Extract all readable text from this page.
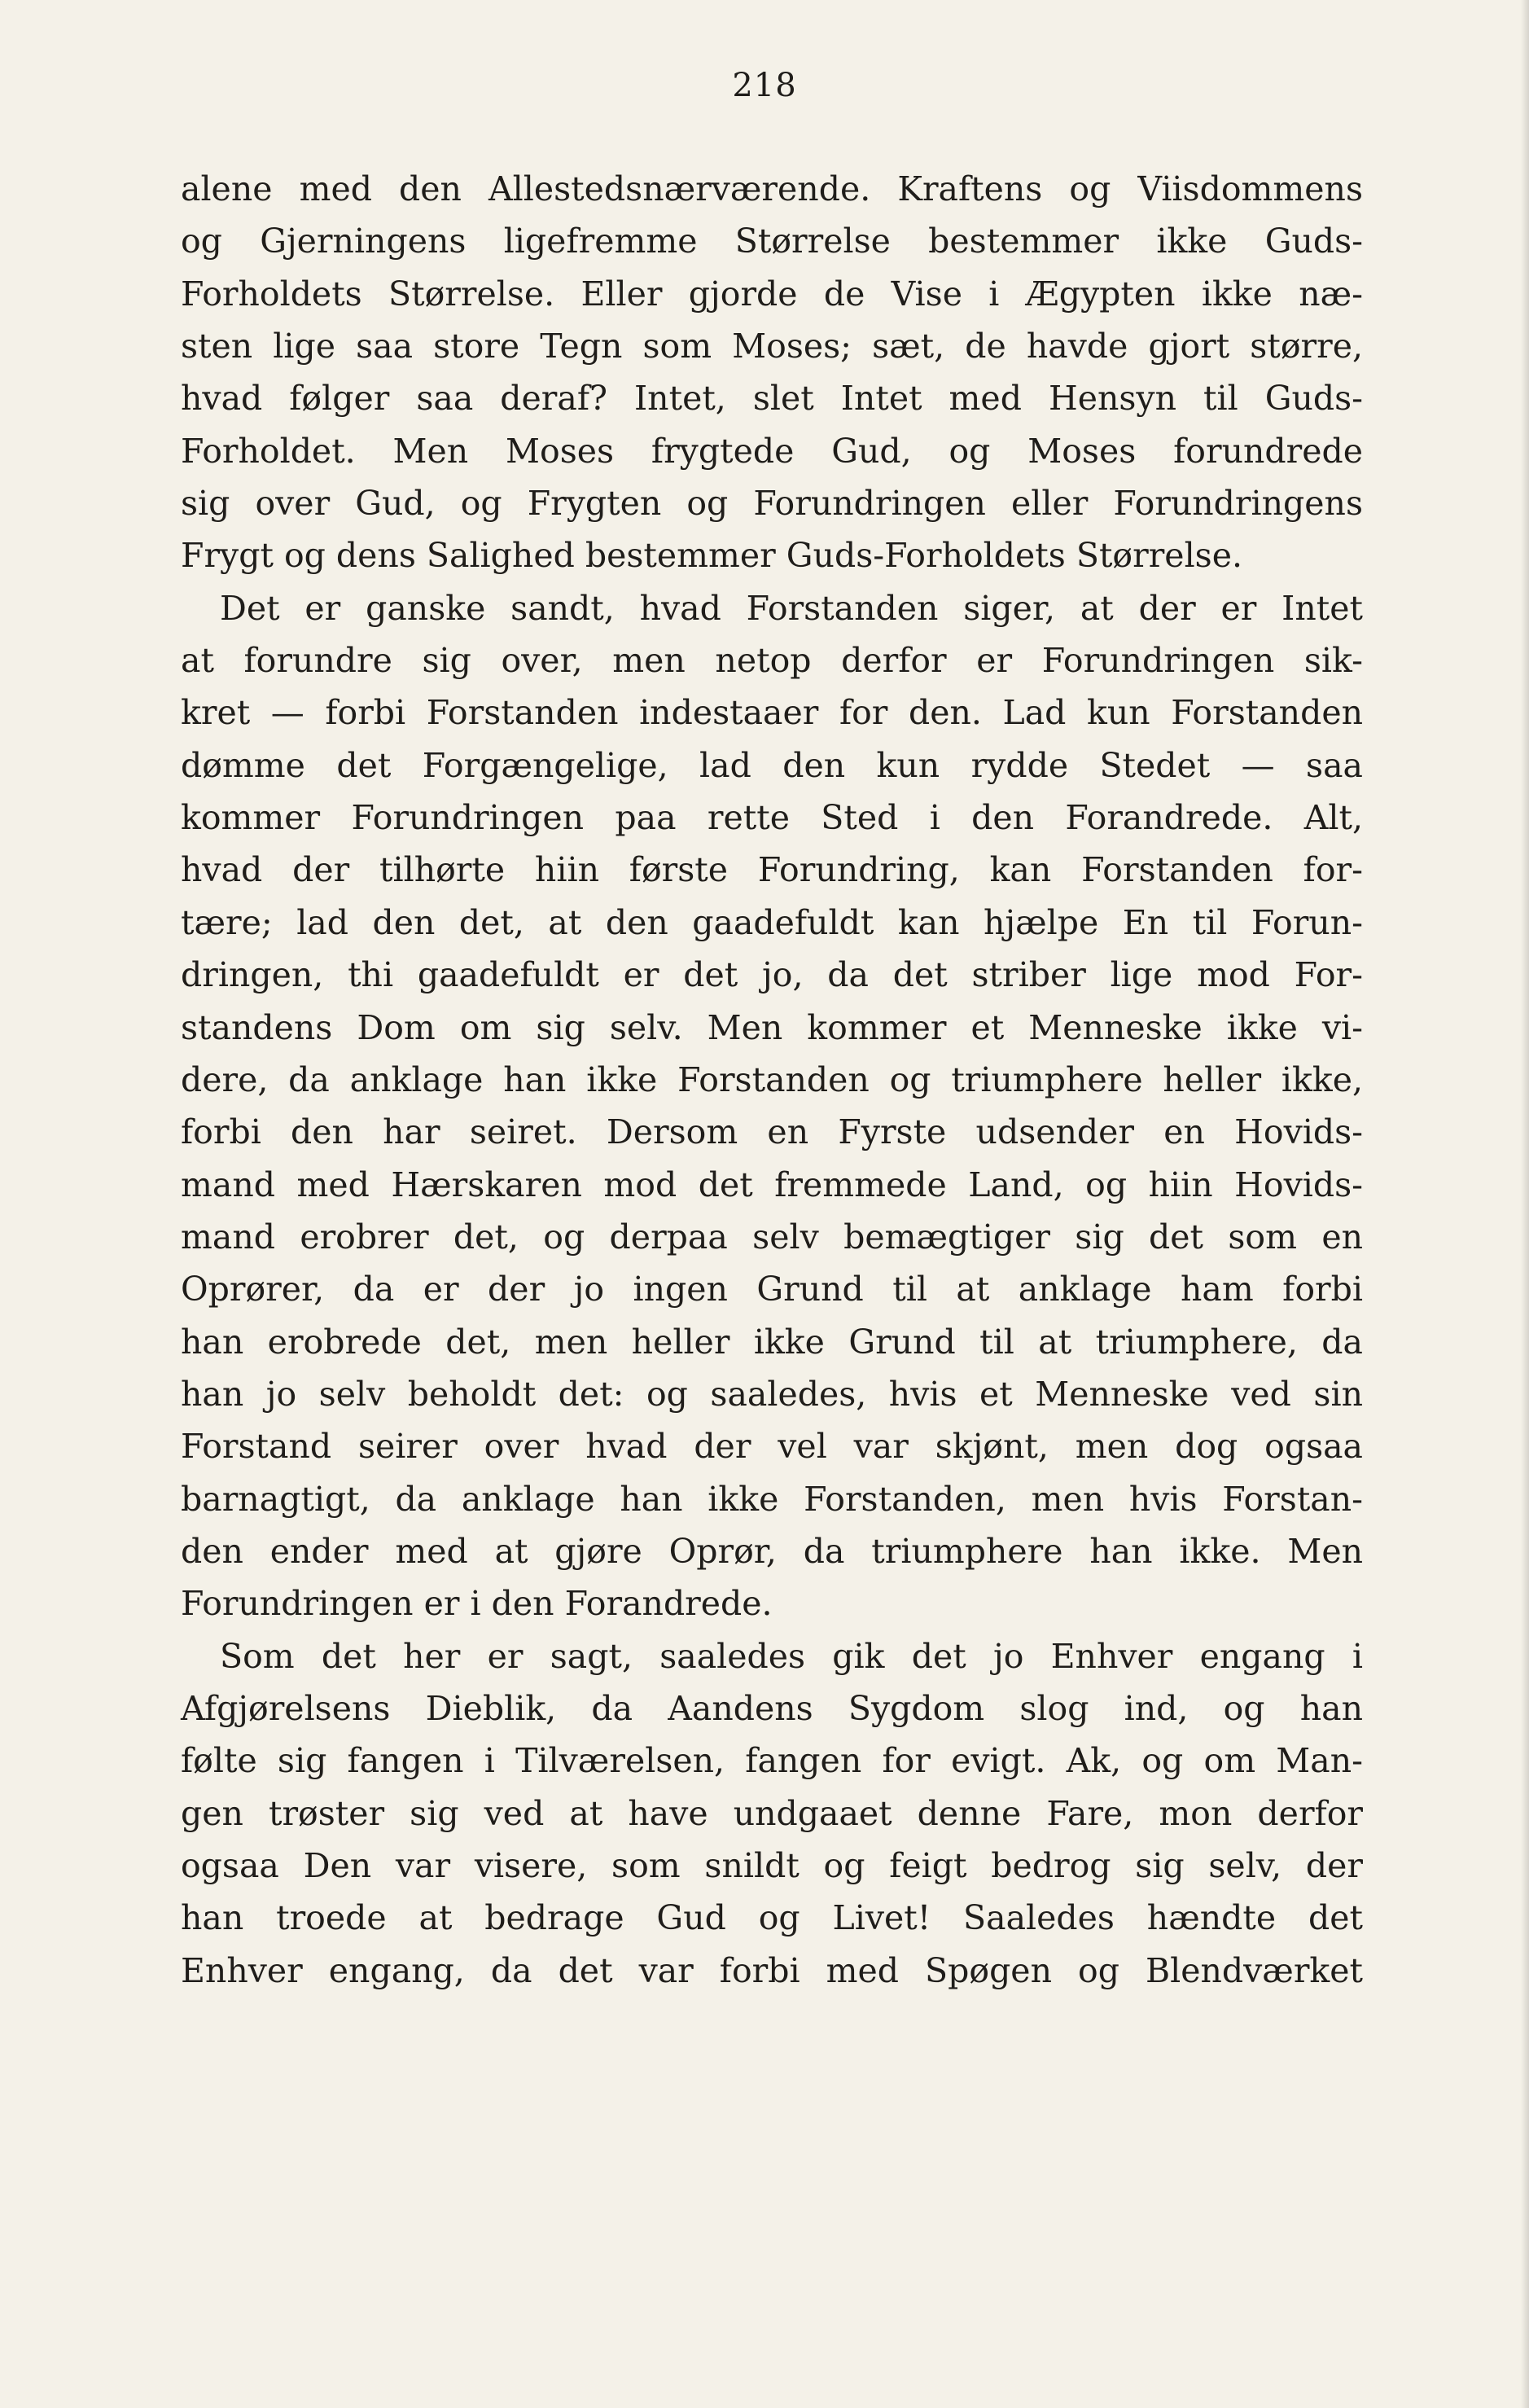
218
alene med den Allestedsnærværende. Kraftens og Viisdommens
og Gjerningens ligefremme Størrelse bestemmer ikke Guds-
Forholdets Størrelse. Eller gjorde de Vise i Ægypten ikke næ-
sten lige saa store Tegn som Moses; sæt, de havde gjort større,
hvad følger saa deraf? Intet, slet Intet med Hensyn til Guds-
Forholdet. Men Moses frygtede Gud, og Moses forundrede
sig over Gud, og Frygten og Forundringen eller Forundringens
Frygt og dens Salighed bestemmer Guds-Forholdets Størrelse.
Det er ganske sandt, hvad Forstanden siger, at der er Intet
at forundre sig over, men netop derfor er Forundringen sik-
kret — forbi Forstanden indestaaer for den. Lad kun Forstanden
dømme det Forgængelige, lad den kun rydde Stedet — saa
kommer Forundringen paa rette Sted i den Forandrede. Alt,
hvad der tilhørte hiin første Forundring, kan Forstanden for-
tære; lad den det, at den gaadefuldt kan hjælpe En til Forun-
dringen, thi gaadefuldt er det jo, da det striber lige mod For-
standens Dom om sig selv. Men kommer et Menneske ikke vi-
dere, da anklage han ikke Forstanden og triumphere heller ikke,
forbi den har seiret. Dersom en Fyrste udsender en Hovids-
mand med Hærskaren mod det fremmede Land, og hiin Hovids-
mand erobrer det, og derpaa selv bemægtiger sig det som en
Oprører, da er der jo ingen Grund til at anklage ham forbi
han erobrede det, men heller ikke Grund til at triumphere, da
han jo selv beholdt det: og saaledes, hvis et Menneske ved sin
Forstand seirer over hvad der vel var skjønt, men dog ogsaa
barnagtigt, da anklage han ikke Forstanden, men hvis Forstan-
den ender med at gjøre Oprør, da triumphere han ikke. Men
Forundringen er i den Forandrede.
Som det her er sagt, saaledes gik det jo Enhver engang i
Afgjørelsens Dieblik, da Aandens Sygdom slog ind, og han
følte sig fangen i Tilværelsen, fangen for evigt. Ak, og om Man-
gen trøster sig ved at have undgaaet denne Fare, mon derfor
ogsaa Den var visere, som snildt og feigt bedrog sig selv, der
han troede at bedrage Gud og Livet! Saaledes hændte det
Enhver engang, da det var forbi med Spøgen og Blendværket
